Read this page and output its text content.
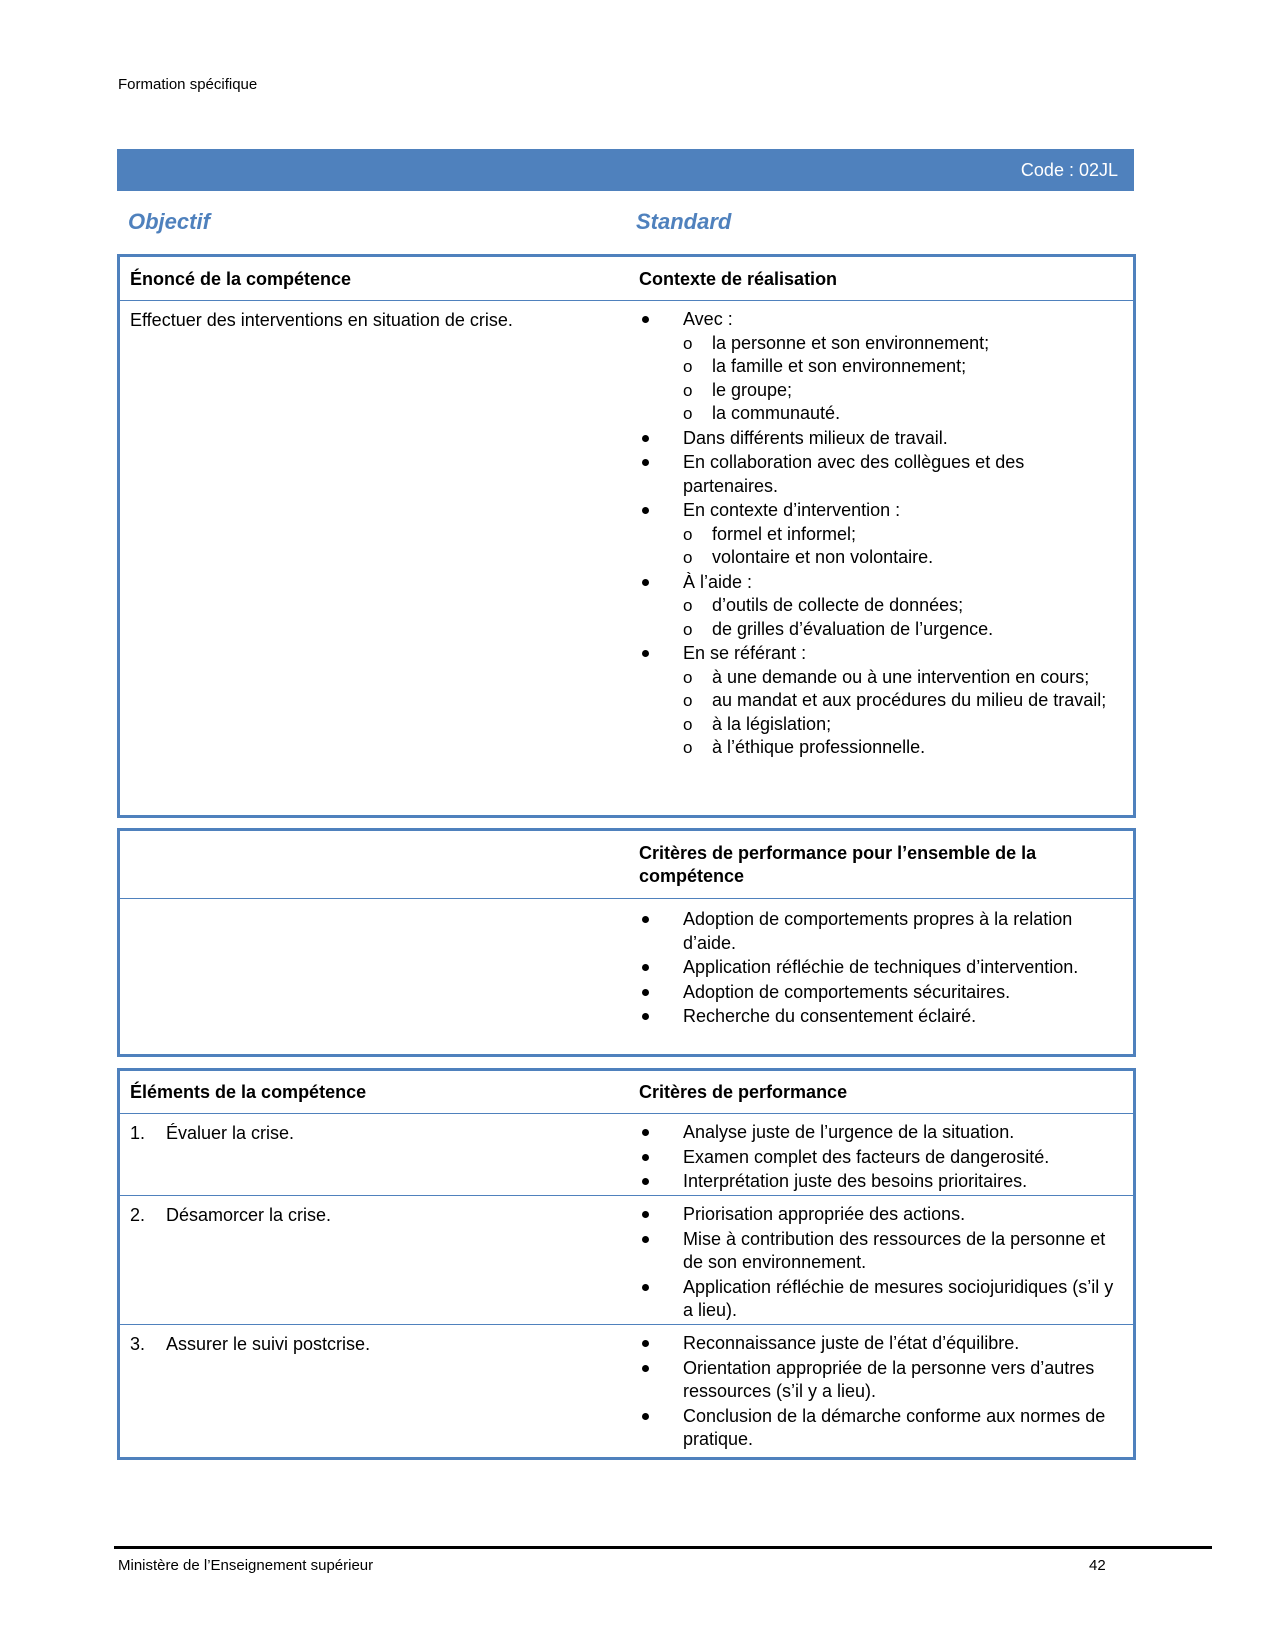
Formation spécifique
Code : 02JL
Objectif	Standard
Énoncé de la compétence	Contexte de réalisation
Effectuer des interventions en situation de crise.	Avec :
o la personne et son environnement;
o la famille et son environnement;
o le groupe;
o la communauté.
Dans différents milieux de travail.
En collaboration avec des collègues et des partenaires.
En contexte d’intervention :
o formel et informel;
o volontaire et non volontaire.
À l’aide :
o d’outils de collecte de données;
o de grilles d’évaluation de l’urgence.
En se référant :
o à une demande ou à une intervention en cours;
o au mandat et aux procédures du milieu de travail;
o à la législation;
o à l’éthique professionnelle.
Critères de performance pour l’ensemble de la compétence
Adoption de comportements propres à la relation d’aide.
Application réfléchie de techniques d’intervention.
Adoption de comportements sécuritaires.
Recherche du consentement éclairé.
Éléments de la compétence	Critères de performance
1. Évaluer la crise.	Analyse juste de l’urgence de la situation.
Examen complet des facteurs de dangerosité.
Interprétation juste des besoins prioritaires.
2. Désamorcer la crise.	Priorisation appropriée des actions.
Mise à contribution des ressources de la personne et de son environnement.
Application réfléchie de mesures sociojuridiques (s’il y a lieu).
3. Assurer le suivi postcrise.	Reconnaissance juste de l’état d’équilibre.
Orientation appropriée de la personne vers d’autres ressources (s’il y a lieu).
Conclusion de la démarche conforme aux normes de pratique.
Ministère de l’Enseignement supérieur	42
